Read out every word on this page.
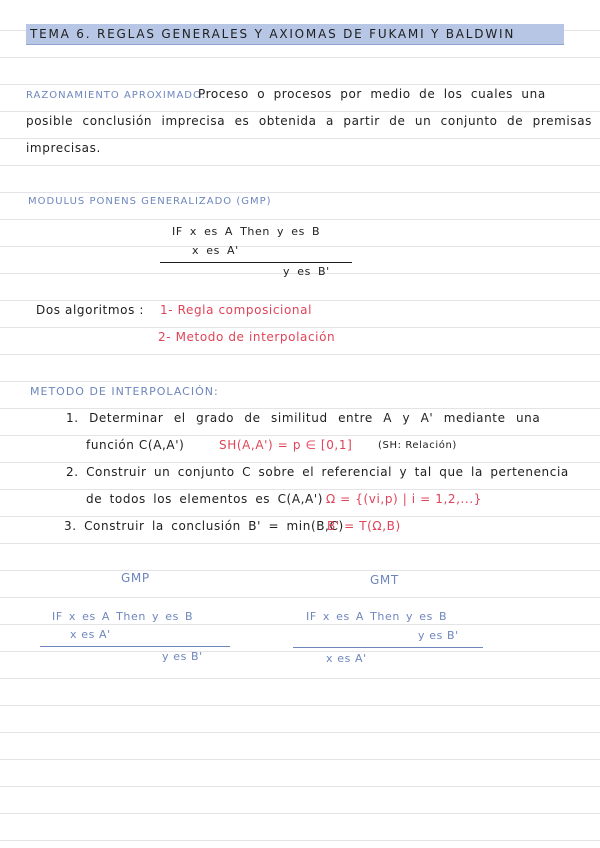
TEMA 6. REGLAS GENERALES Y AXIOMAS DE FUKAMI Y BALDWIN
RAZONAMIENTO APROXIMADO:
Proceso o procesos por medio de los cuales una
posible conclusión imprecisa es obtenida a partir de un conjunto de premisas
imprecisas.
MODULUS PONENS GENERALIZADO (GMP)
IF x es A Then y es B
x es A'
y es B'
Dos algoritmos : 1- Regla composicional
2- Metodo de interpolación
METODO DE INTERPOLACIÓN:
1. Determinar el grado de similitud entre A y A' mediante una
función C(A,A')	SH(A,A') = p ∈ [0,1]	(SH: Relación)
2. Construir un conjunto C sobre el referencial y tal que la pertenencia
de todos los elementos es C(A,A') Ω = {(vi,p) | i = 1,2,...}
3. Construir la conclusión B' = min(B,C)
B' = T(Ω,B)
GMP
IF x es A Then y es B
x es A'
y es B'
GMT
IF x es A Then y es B
y es B'
x es A'
